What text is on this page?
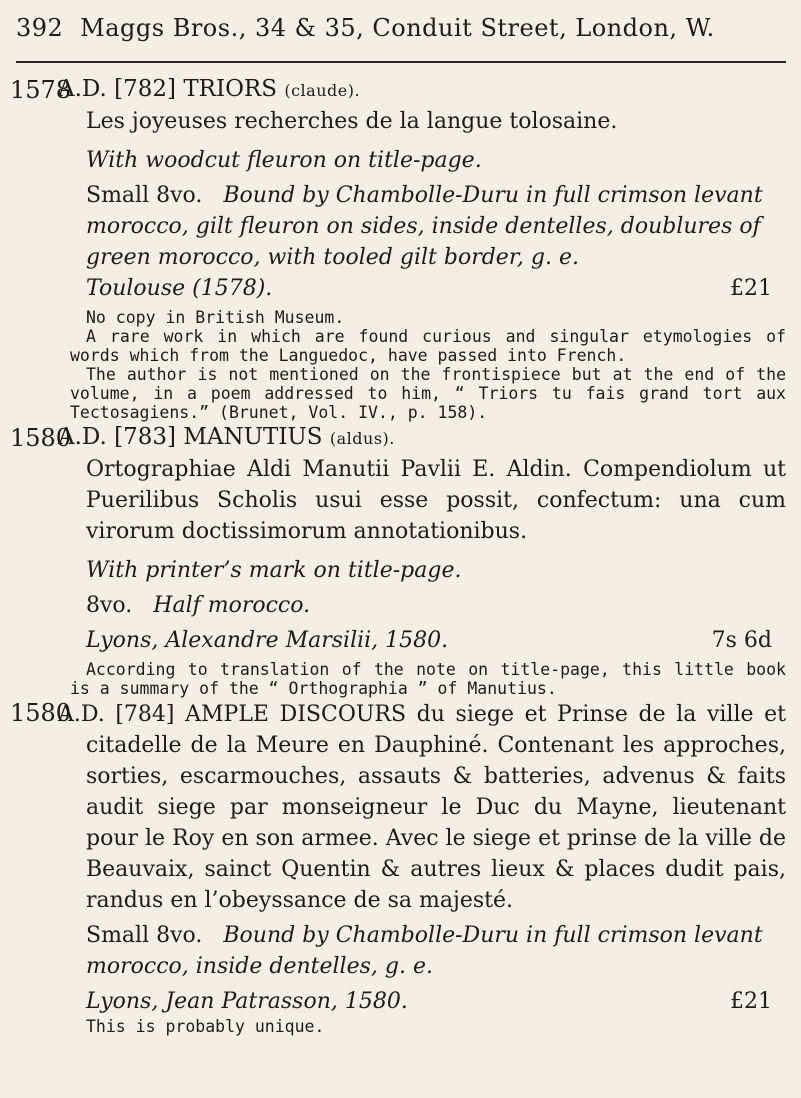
392 Maggs Bros., 34 & 35, Conduit Street, London, W.
1578
A.D. [782] TRIORS (claude).
Les joyeuses recherches de la langue tolosaine.
With woodcut fleuron on title-page.
Small 8vo. Bound by Chambolle-Duru in full crimson levant morocco, gilt fleuron on sides, inside dentelles, doublures of green morocco, with tooled gilt border, g. e.
Toulouse (1578).	£21

No copy in British Museum.

A rare work in which are found curious and singular etymologies of words which from the Languedoc, have passed into French.

The author is not mentioned on the frontispiece but at the end of the volume, in a poem addressed to him, “ Triors tu fais grand tort aux Tectosagiens.” (Brunet, Vol. IV., p. 158).

1580
A.D. [783] MANUTIUS (aldus).
Ortographiae Aldi Manutii Pavlii E. Aldin. Compendiolum ut Puerilibus Scholis usui esse possit, confectum: una cum virorum doctissimorum annotationibus.
With printer’s mark on title-page.
8vo. Half morocco.
Lyons, Alexandre Marsilii, 1580.	7s 6d

According to translation of the note on title-page, this little book is a summary of the “ Orthographia ” of Manutius.

1580
A.D. [784] AMPLE DISCOURS du siege et Prinse de la ville et citadelle de la Meure en Dauphiné. Contenant les approches, sorties, escarmouches, assauts & batteries, advenus & faits audit siege par monseigneur le Duc du Mayne, lieutenant pour le Roy en son armee. Avec le siege et prinse de la ville de Beauvaix, sainct Quentin & autres lieux & places dudit pais, randus en l’obeyssance de sa majesté.
Small 8vo. Bound by Chambolle-Duru in full crimson levant morocco, inside dentelles, g. e.
Lyons, Jean Patrasson, 1580.	£21

This is probably unique.
